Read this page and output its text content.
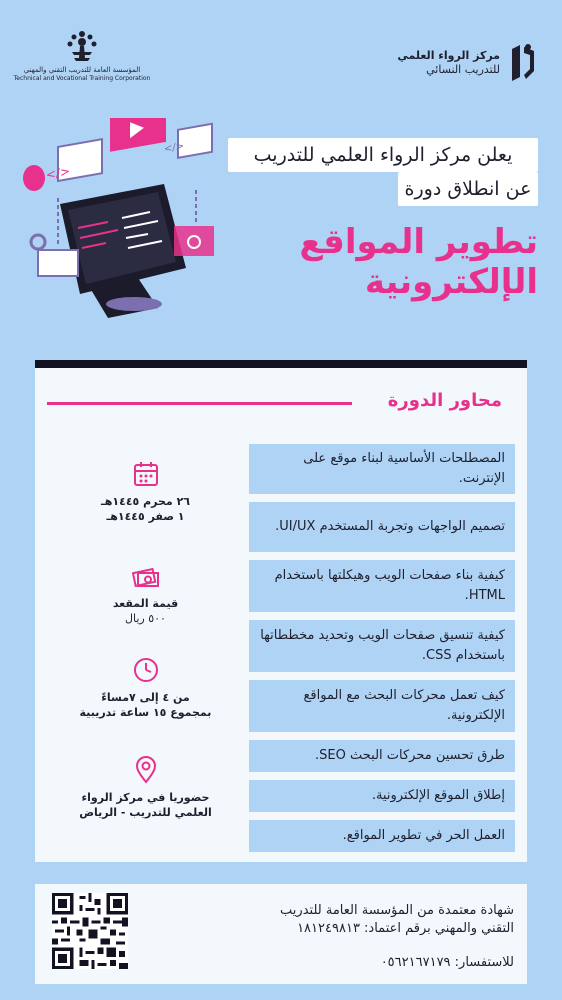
مركز الرواء العلمي
للتدريب النسائي
المؤسسة العامة للتدريب التقني والمهني
Technical and Vocational Training Corporation
</>
</>	يعلن مركز الرواء العلمي للتدريب
عن انطلاق دورة
تطوير المواقع
الإلكترونية
محاور الدورة
المصطلحات الأساسية لبناء موقع على الإنترنت.
تصميم الواجهات وتجربة المستخدم UI/UX.
كيفية بناء صفحات الويب وهيكلتها باستخدام HTML.
كيفية تنسيق صفحات الويب وتحديد مخططاتها باستخدام CSS.
كيف تعمل محركات البحث مع المواقع الإلكترونية.
طرق تحسين محركات البحث SEO.
إطلاق الموقع الإلكترونية.
العمل الحر في تطوير المواقع.
٢٦ محرم ١٤٤٥هـ
١ صفر ١٤٤٥هـ
قيمة المقعد
٥٠٠ ريال
من ٤ إلى ٧مساءً
بمجموع ١٥ ساعة تدريبية
حضوريا في مركز الرواء
العلمي للتدريب - الرياض
شهادة معتمدة من المؤسسة العامة للتدريب
التقني والمهني برقم اعتماد: ١٨١٢٤٩٨١٣
للاستفسار: ٠٥٦٢١٦٧١٧٩
